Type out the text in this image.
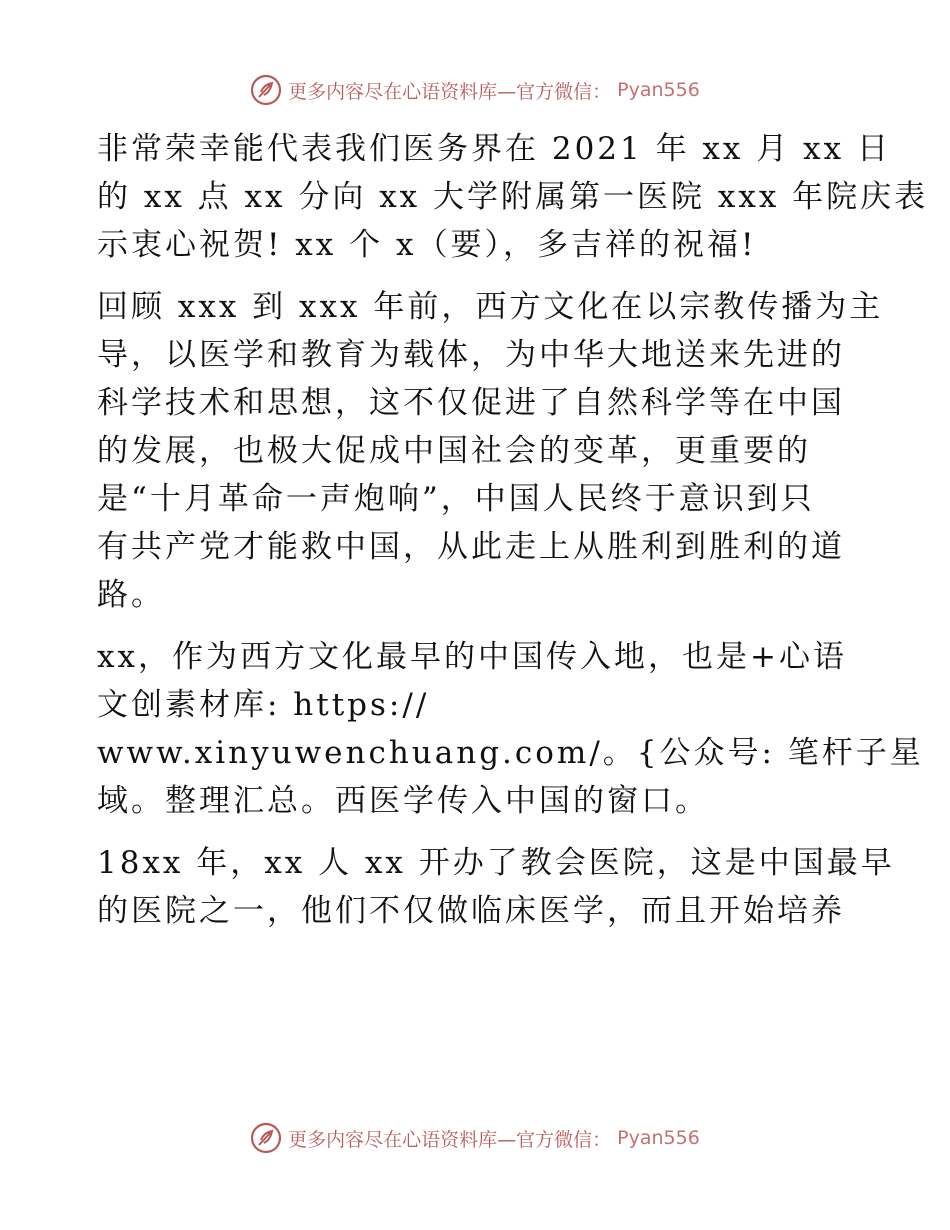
更多内容尽在心语资料库—官方微信： Pyan556
非常荣幸能代表我们医务界在 2021 年 xx 月 xx 日
的 xx 点 xx 分向 xx 大学附属第一医院 xxx 年院庆表
示衷心祝贺! xx 个 x（要），多吉祥的祝福!
回顾 xxx 到 xxx 年前，西方文化在以宗教传播为主
导，以医学和教育为载体，为中华大地送来先进的
科学技术和思想，这不仅促进了自然科学等在中国
的发展，也极大促成中国社会的变革，更重要的
是“十月革命一声炮响”，中国人民终于意识到只
有共产党才能救中国，从此走上从胜利到胜利的道
路。
xx，作为西方文化最早的中国传入地，也是+心语
文创素材库: https://
www.xinyuwenchuang.com/。{公众号: 笔杆子星
域。整理汇总。西医学传入中国的窗口。
18xx 年，xx 人 xx 开办了教会医院，这是中国最早
的医院之一，他们不仅做临床医学，而且开始培养
更多内容尽在心语资料库—官方微信： Pyan556
